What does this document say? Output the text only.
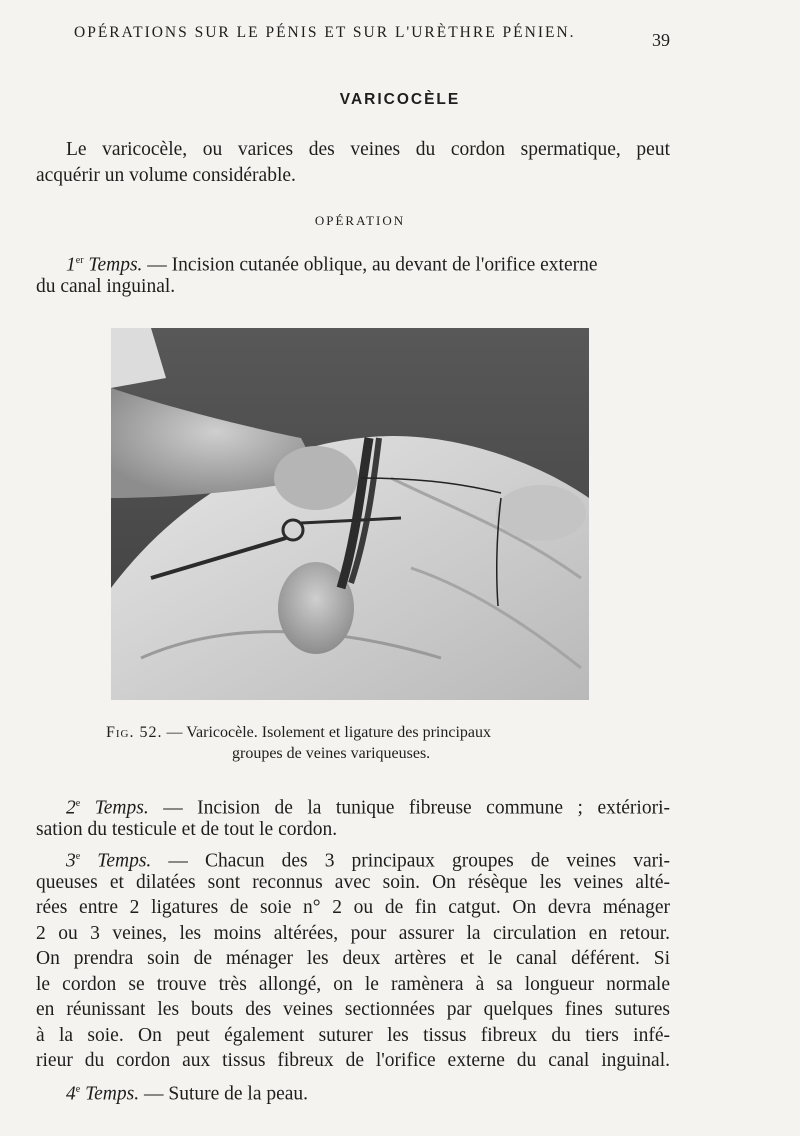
OPÉRATIONS SUR LE PÉNIS ET SUR L'URÈTHRE PÉNIEN.	39
VARICOCÈLE
Le varicocèle, ou varices des veines du cordon spermatique, peut
acquérir un volume considérable.
OPÉRATION
1er Temps. — Incision cutanée oblique, au devant de l'orifice externe
du canal inguinal.
Fig. 52. — Varicocèle. Isolement et ligature des principaux
groupes de veines variqueuses.
2e Temps. — Incision de la tunique fibreuse commune ; extériori-
sation du testicule et de tout le cordon.
3e Temps. — Chacun des 3 principaux groupes de veines vari-
queuses et dilatées sont reconnus avec soin. On résèque les veines alté-
rées entre 2 ligatures de soie n° 2 ou de fin catgut. On devra ménager
2 ou 3 veines, les moins altérées, pour assurer la circulation en retour.
On prendra soin de ménager les deux artères et le canal déférent. Si
le cordon se trouve très allongé, on le ramènera à sa longueur normale
en réunissant les bouts des veines sectionnées par quelques fines sutures
à la soie. On peut également suturer les tissus fibreux du tiers infé-
rieur du cordon aux tissus fibreux de l'orifice externe du canal inguinal.
4e Temps. — Suture de la peau.
